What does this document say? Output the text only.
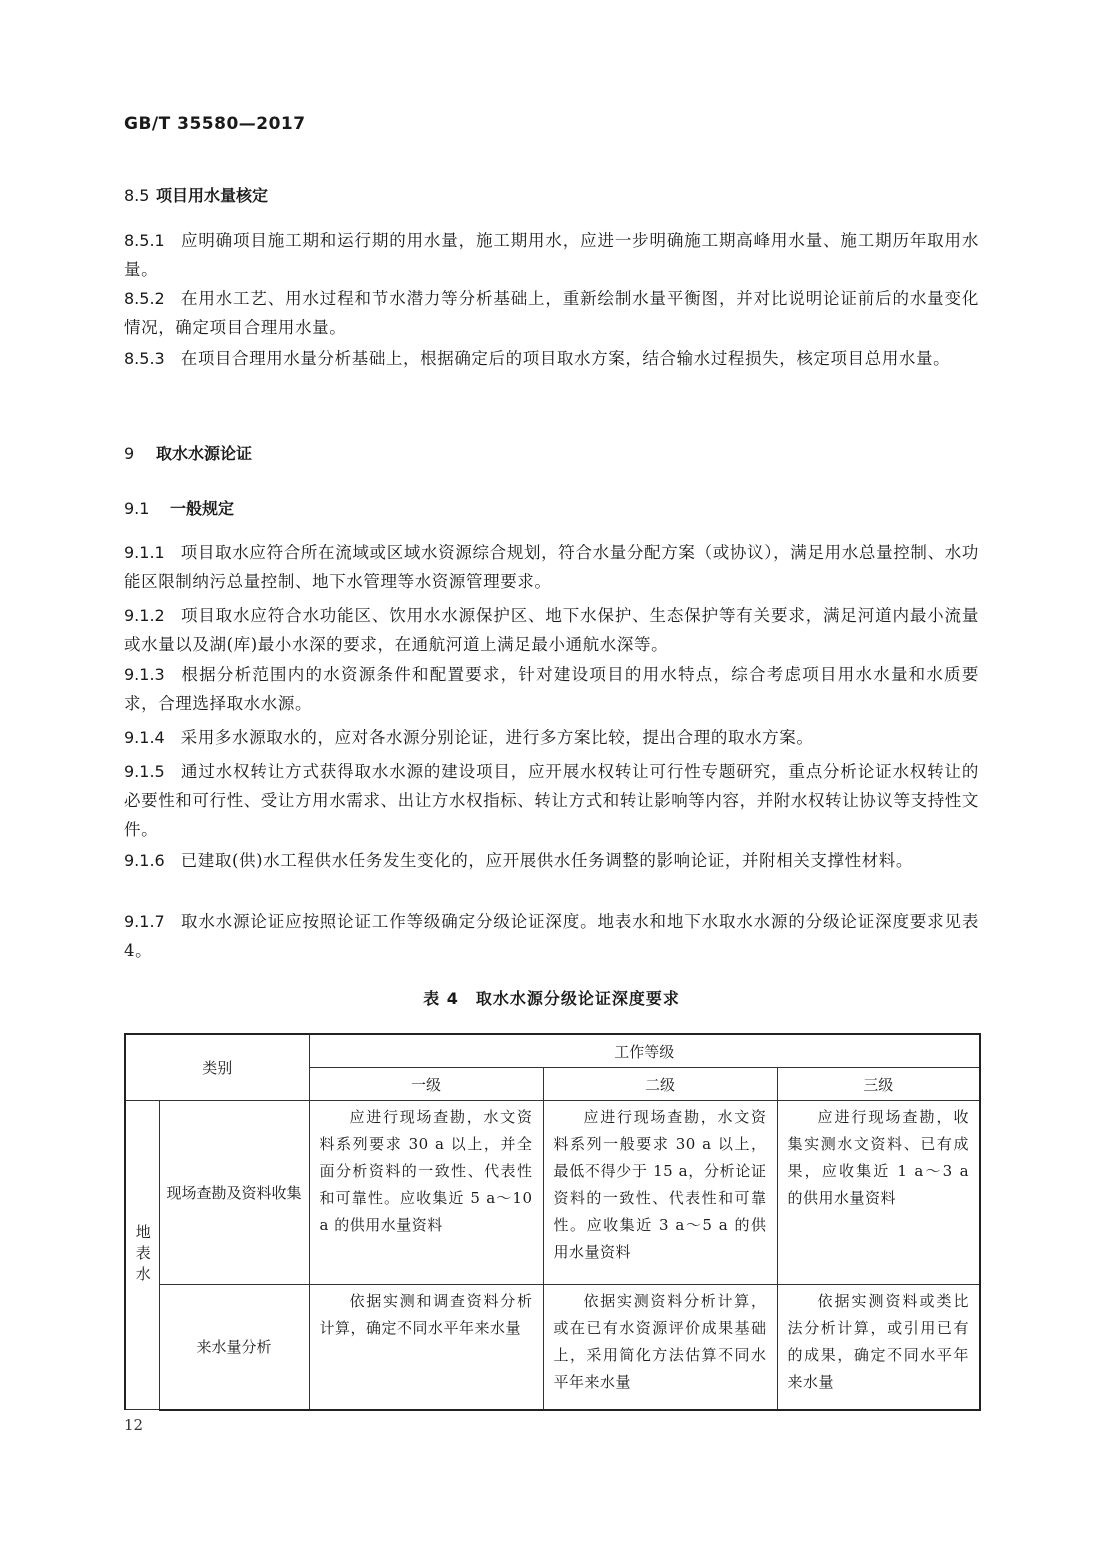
GB/T 35580—2017
8.5 项目用水量核定
8.5.1 应明确项目施工期和运行期的用水量，施工期用水，应进一步明确施工期高峰用水量、施工期历年取用水量。
8.5.2 在用水工艺、用水过程和节水潜力等分析基础上，重新绘制水量平衡图，并对比说明论证前后的水量变化情况，确定项目合理用水量。
8.5.3 在项目合理用水量分析基础上，根据确定后的项目取水方案，结合输水过程损失，核定项目总用水量。
9 取水水源论证
9.1 一般规定
9.1.1 项目取水应符合所在流域或区域水资源综合规划，符合水量分配方案（或协议），满足用水总量控制、水功能区限制纳污总量控制、地下水管理等水资源管理要求。
9.1.2 项目取水应符合水功能区、饮用水水源保护区、地下水保护、生态保护等有关要求，满足河道内最小流量或水量以及湖(库)最小水深的要求，在通航河道上满足最小通航水深等。
9.1.3 根据分析范围内的水资源条件和配置要求，针对建设项目的用水特点，综合考虑项目用水水量和水质要求，合理选择取水水源。
9.1.4 采用多水源取水的，应对各水源分别论证，进行多方案比较，提出合理的取水方案。
9.1.5 通过水权转让方式获得取水水源的建设项目，应开展水权转让可行性专题研究，重点分析论证水权转让的必要性和可行性、受让方用水需求、出让方水权指标、转让方式和转让影响等内容，并附水权转让协议等支持性文件。
9.1.6 已建取(供)水工程供水任务发生变化的，应开展供水任务调整的影响论证，并附相关支撑性材料。
9.1.7 取水水源论证应按照论证工作等级确定分级论证深度。地表水和地下水取水水源的分级论证深度要求见表 4。
表 4　取水水源分级论证深度要求
类别		工作等级		
		一级	二级	三级
地表水	现场查勘及资料收集	应进行现场查勘，水文资料系列要求 30 a 以上，并全面分析资料的一致性、代表性和可靠性。应收集近 5 a～10 a 的供用水量资料	应进行现场查勘，水文资料系列一般要求 30 a 以上，最低不得少于 15 a，分析论证资料的一致性、代表性和可靠性。应收集近 3 a～5 a 的供用水量资料	应进行现场查勘，收集实测水文资料、已有成果，应收集近 1 a～3 a 的供用水量资料
	来水量分析	依据实测和调查资料分析计算，确定不同水平年来水量	依据实测资料分析计算，或在已有水资源评价成果基础上，采用简化方法估算不同水平年来水量	依据实测资料或类比法分析计算，或引用已有的成果，确定不同水平年来水量
12
